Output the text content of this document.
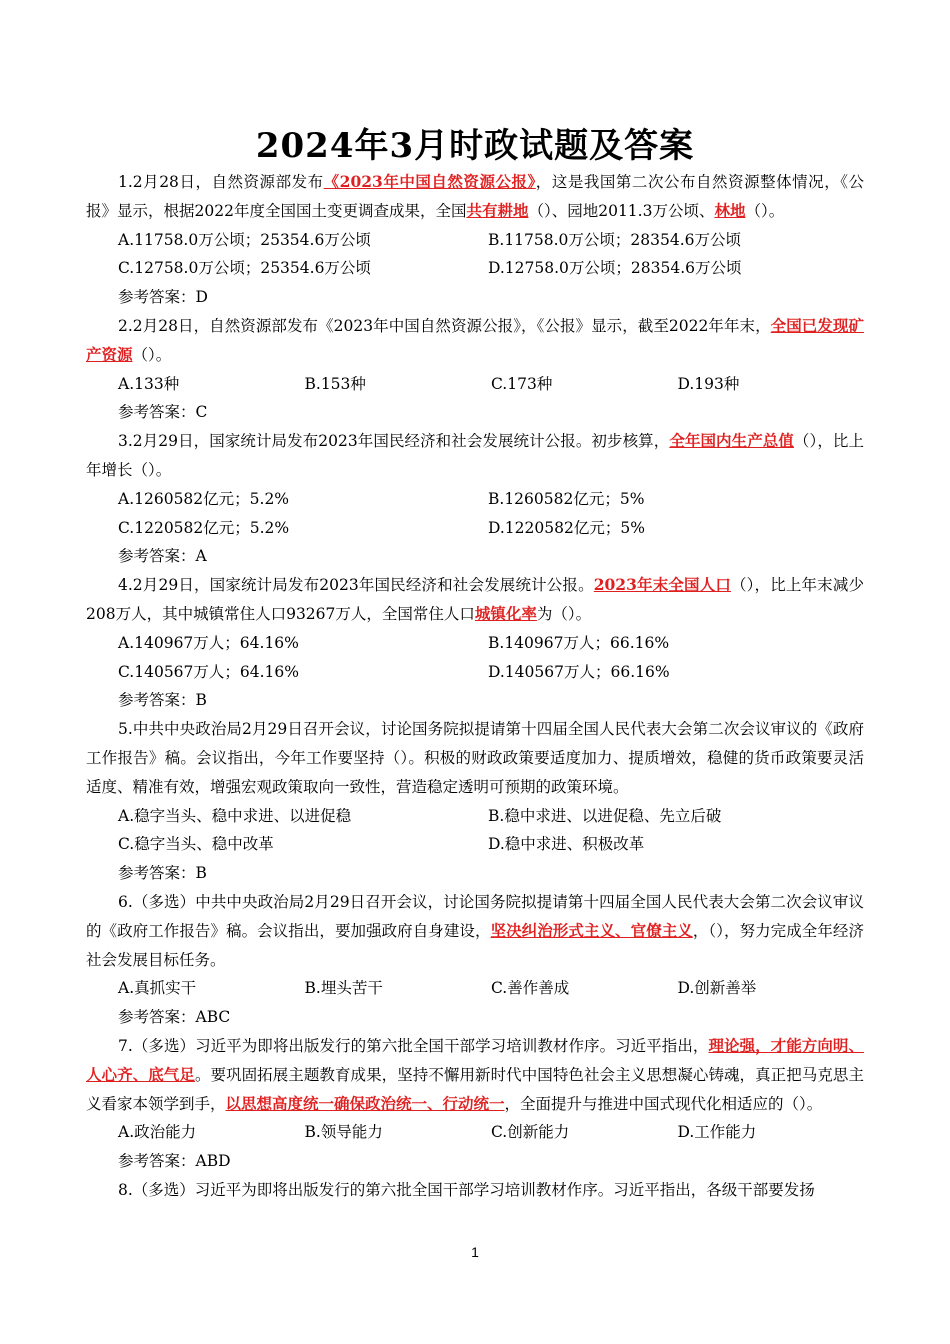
2024年3月时政试题及答案

1.2月28日，自然资源部发布《2023年中国自然资源公报》，这是我国第二次公布自然资源整体情况，《公报》显示，根据2022年度全国国土变更调查成果，全国共有耕地（）、园地2011.3万公顷、林地（）。

A.11758.0万公顷；25354.6万公顷	B.11758.0万公顷；28354.6万公顷
C.12758.0万公顷；25354.6万公顷	D.12758.0万公顷；28354.6万公顷

参考答案：D

2.2月28日，自然资源部发布《2023年中国自然资源公报》，《公报》显示，截至2022年年末，全国已发现矿产资源（）。

A.133种	B.153种	C.173种	D.193种

参考答案：C

3.2月29日，国家统计局发布2023年国民经济和社会发展统计公报。初步核算，全年国内生产总值（），比上年增长（）。

A.1260582亿元；5.2%	B.1260582亿元；5%
C.1220582亿元；5.2%	D.1220582亿元；5%

参考答案：A

4.2月29日，国家统计局发布2023年国民经济和社会发展统计公报。2023年末全国人口（），比上年末减少208万人，其中城镇常住人口93267万人，全国常住人口城镇化率为（）。

A.140967万人；64.16%	B.140967万人；66.16%
C.140567万人；64.16%	D.140567万人；66.16%

参考答案：B

5.中共中央政治局2月29日召开会议，讨论国务院拟提请第十四届全国人民代表大会第二次会议审议的《政府工作报告》稿。会议指出，今年工作要坚持（）。积极的财政政策要适度加力、提质增效，稳健的货币政策要灵活适度、精准有效，增强宏观政策取向一致性，营造稳定透明可预期的政策环境。

A.稳字当头、稳中求进、以进促稳	B.稳中求进、以进促稳、先立后破
C.稳字当头、稳中改革	D.稳中求进、积极改革

参考答案：B

6.（多选）中共中央政治局2月29日召开会议，讨论国务院拟提请第十四届全国人民代表大会第二次会议审议的《政府工作报告》稿。会议指出，要加强政府自身建设，坚决纠治形式主义、官僚主义，（），努力完成全年经济社会发展目标任务。

A.真抓实干	B.埋头苦干	C.善作善成	D.创新善举

参考答案：ABC

7.（多选）习近平为即将出版发行的第六批全国干部学习培训教材作序。习近平指出，理论强，才能方向明、人心齐、底气足。要巩固拓展主题教育成果，坚持不懈用新时代中国特色社会主义思想凝心铸魂，真正把马克思主义看家本领学到手，以思想高度统一确保政治统一、行动统一，全面提升与推进中国式现代化相适应的（）。

A.政治能力	B.领导能力	C.创新能力	D.工作能力

参考答案：ABD

8.（多选）习近平为即将出版发行的第六批全国干部学习培训教材作序。习近平指出，各级干部要发扬

1
